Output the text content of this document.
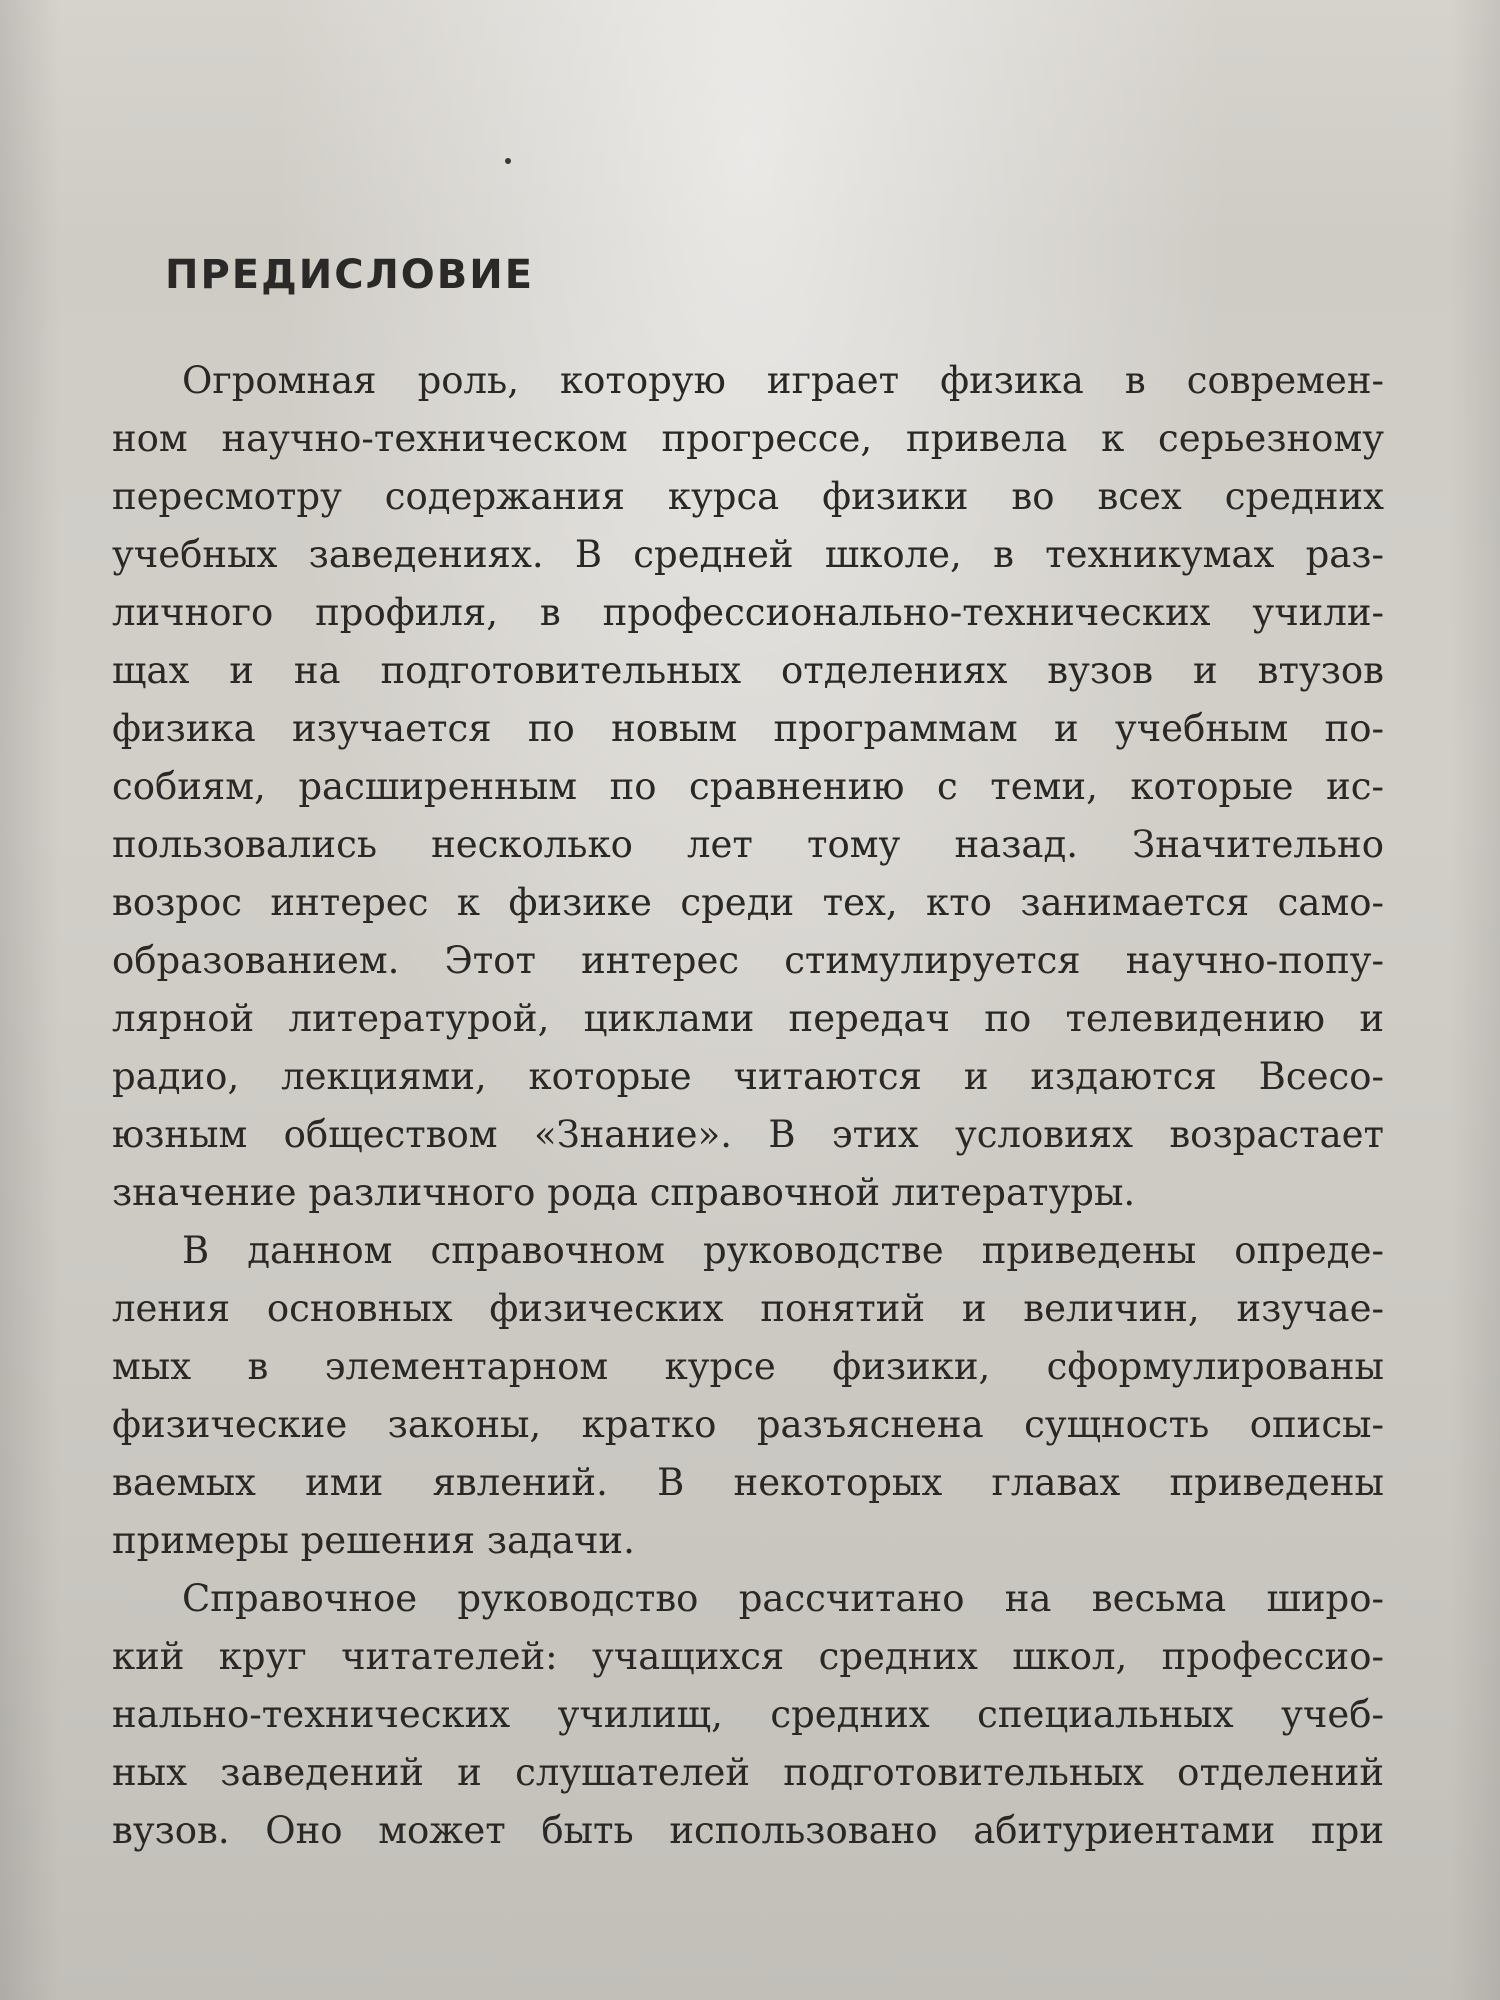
ПРЕДИСЛОВИЕ
Огромная роль, которую играет физика в современ-
ном научно-техническом прогрессе, привела к серьезному
пересмотру содержания курса физики во всех средних
учебных заведениях. В средней школе, в техникумах раз-
личного профиля, в профессионально-технических учили-
щах и на подготовительных отделениях вузов и втузов
физика изучается по новым программам и учебным по-
собиям, расширенным по сравнению с теми, которые ис-
пользовались несколько лет тому назад. Значительно
возрос интерес к физике среди тех, кто занимается само-
образованием. Этот интерес стимулируется научно-попу-
лярной литературой, циклами передач по телевидению и
радио, лекциями, которые читаются и издаются Всесо-
юзным обществом «Знание». В этих условиях возрастает
значение различного рода справочной литературы.
В данном справочном руководстве приведены опреде-
ления основных физических понятий и величин, изучае-
мых в элементарном курсе физики, сформулированы
физические законы, кратко разъяснена сущность описы-
ваемых ими явлений. В некоторых главах приведены
примеры решения задачи.
Справочное руководство рассчитано на весьма широ-
кий круг читателей: учащихся средних школ, профессио-
нально-технических училищ, средних специальных учеб-
ных заведений и слушателей подготовительных отделений
вузов. Оно может быть использовано абитуриентами при
